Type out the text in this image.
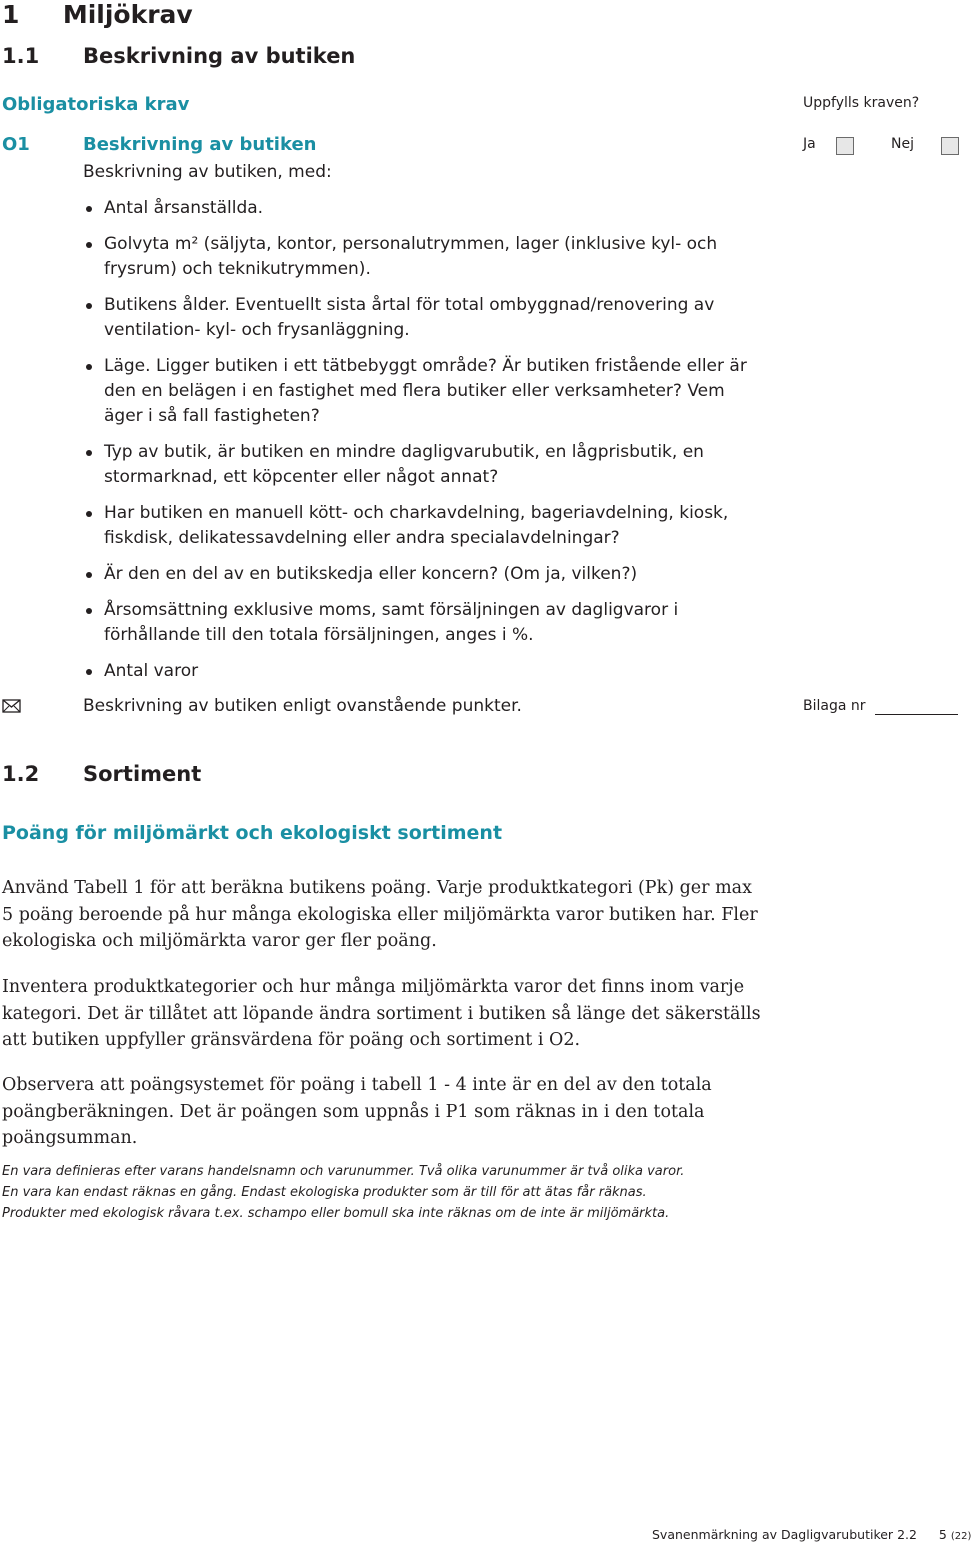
1 Miljökrav
1.1 Beskrivning av butiken
Obligatoriska krav	Uppfylls kraven?
O1	Beskrivning av butiken	Ja	Nej
Beskrivning av butiken, med:
Antal årsanställda.
Golvyta m² (säljyta, kontor, personalutrymmen, lager (inklusive kyl- och frysrum) och teknikutrymmen).
Butikens ålder. Eventuellt sista årtal för total ombyggnad/renovering av ventilation- kyl- och frysanläggning.
Läge. Ligger butiken i ett tätbebyggt område? Är butiken fristående eller är den en belägen i en fastighet med flera butiker eller verksamheter? Vem äger i så fall fastigheten?
Typ av butik, är butiken en mindre dagligvarubutik, en lågprisbutik, en stormarknad, ett köpcenter eller något annat?
Har butiken en manuell kött- och charkavdelning, bageriavdelning, kiosk, fiskdisk, delikatessavdelning eller andra specialavdelningar?
Är den en del av en butikskedja eller koncern? (Om ja, vilken?)
Årsomsättning exklusive moms, samt försäljningen av dagligvaror i förhållande till den totala försäljningen, anges i %.
Antal varor
Beskrivning av butiken enligt ovanstående punkter.	Bilaga nr
1.2 Sortiment
Poäng för miljömärkt och ekologiskt sortiment
Använd Tabell 1 för att beräkna butikens poäng. Varje produktkategori (Pk) ger max 5 poäng beroende på hur många ekologiska eller miljömärkta varor butiken har. Fler ekologiska och miljömärkta varor ger fler poäng.
Inventera produktkategorier och hur många miljömärkta varor det finns inom varje kategori. Det är tillåtet att löpande ändra sortiment i butiken så länge det säkerställs att butiken uppfyller gränsvärdena för poäng och sortiment i O2.
Observera att poängsystemet för poäng i tabell 1 - 4 inte är en del av den totala poängberäkningen. Det är poängen som uppnås i P1 som räknas in i den totala poängsumman.
En vara definieras efter varans handelsnamn och varunummer. Två olika varunummer är två olika varor.
En vara kan endast räknas en gång. Endast ekologiska produkter som är till för att ätas får räknas.
Produkter med ekologisk råvara t.ex. schampo eller bomull ska inte räknas om de inte är miljömärkta.
Svanenmärkning av Dagligvarubutiker 2.2 5 (22)
